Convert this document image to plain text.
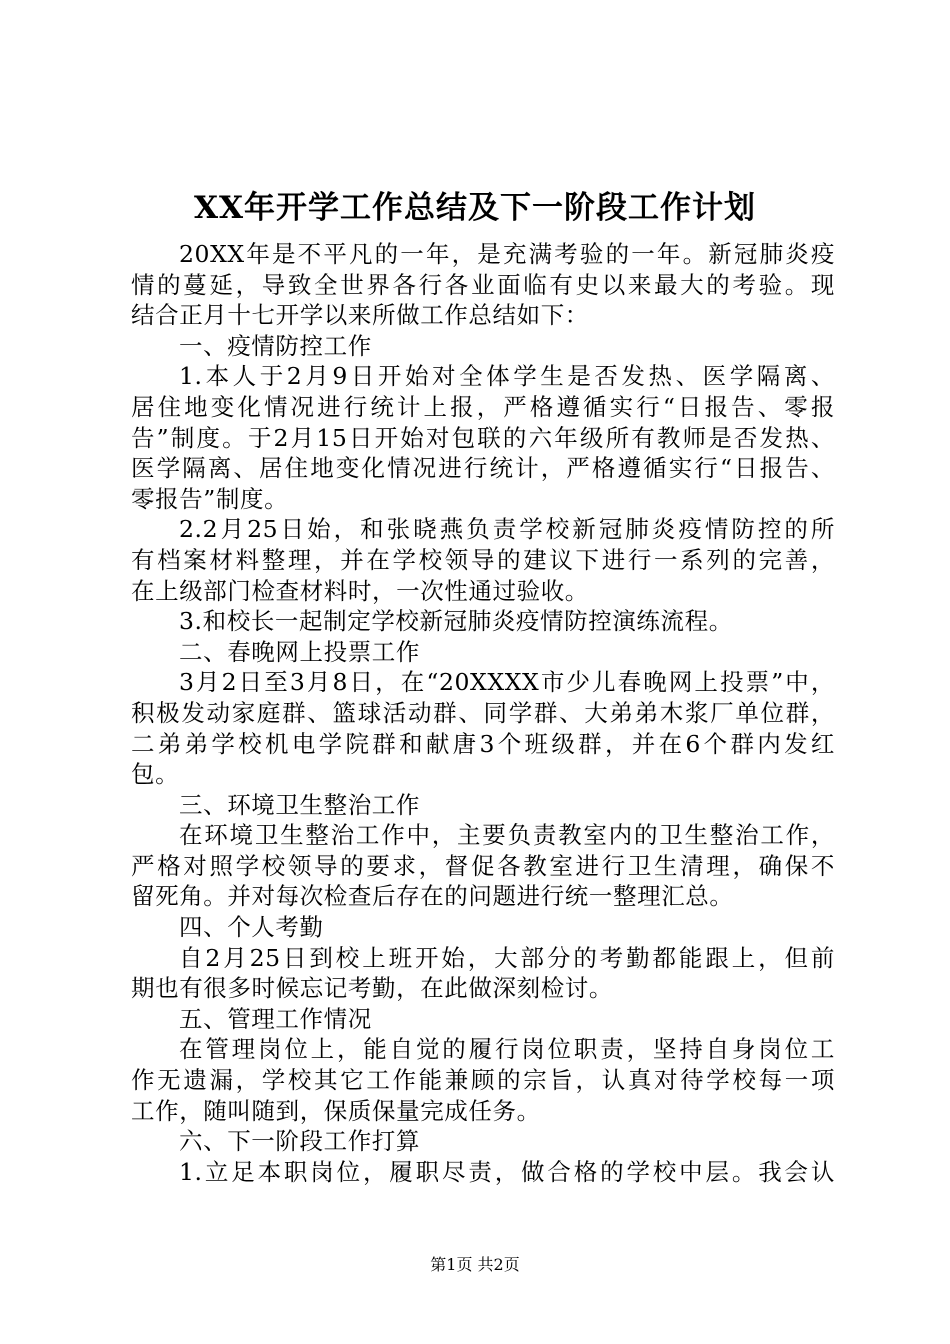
XX年开学工作总结及下一阶段工作计划
20XX年是不平凡的一年，是充满考验的一年。新冠肺炎疫
情的蔓延，导致全世界各行各业面临有史以来最大的考验。现
结合正月十七开学以来所做工作总结如下：
一、疫情防控工作
1.本人于2月9日开始对全体学生是否发热、医学隔离、
居住地变化情况进行统计上报，严格遵循实行“日报告、零报
告”制度。于2月15日开始对包联的六年级所有教师是否发热、
医学隔离、居住地变化情况进行统计，严格遵循实行“日报告、
零报告”制度。
2.2月25日始，和张晓燕负责学校新冠肺炎疫情防控的所
有档案材料整理，并在学校领导的建议下进行一系列的完善，
在上级部门检查材料时，一次性通过验收。
3.和校长一起制定学校新冠肺炎疫情防控演练流程。
二、春晚网上投票工作
3月2日至3月8日，在“20XXXX市少儿春晚网上投票”中，
积极发动家庭群、篮球活动群、同学群、大弟弟木浆厂单位群，
二弟弟学校机电学院群和献唐3个班级群，并在6个群内发红
包。
三、环境卫生整治工作
在环境卫生整治工作中，主要负责教室内的卫生整治工作，
严格对照学校领导的要求，督促各教室进行卫生清理，确保不
留死角。并对每次检查后存在的问题进行统一整理汇总。
四、个人考勤
自2月25日到校上班开始，大部分的考勤都能跟上，但前
期也有很多时候忘记考勤，在此做深刻检讨。
五、管理工作情况
在管理岗位上，能自觉的履行岗位职责，坚持自身岗位工
作无遗漏，学校其它工作能兼顾的宗旨，认真对待学校每一项
工作，随叫随到，保质保量完成任务。
六、下一阶段工作打算
1.立足本职岗位，履职尽责，做合格的学校中层。我会认
第1页 共2页
